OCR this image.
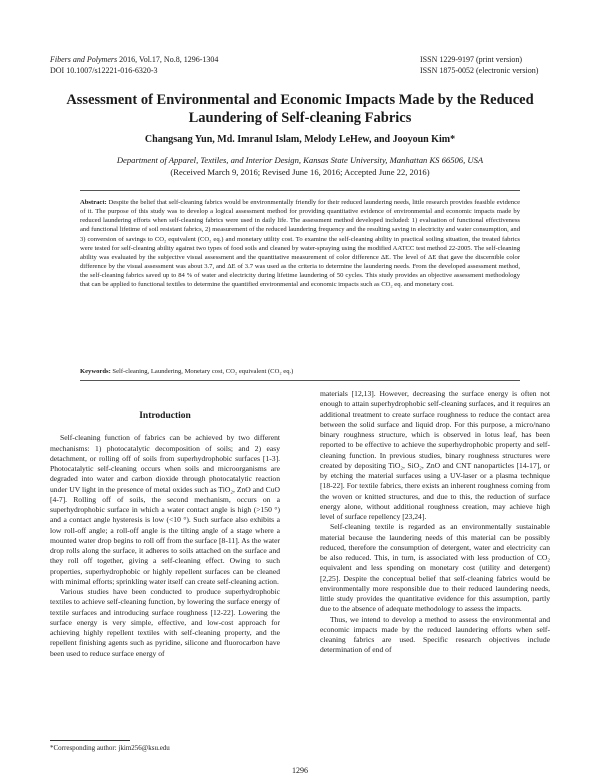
Fibers and Polymers 2016, Vol.17, No.8, 1296-1304
DOI 10.1007/s12221-016-6320-3
ISSN 1229-9197 (print version)
ISSN 1875-0052 (electronic version)
Assessment of Environmental and Economic Impacts Made by the Reduced Laundering of Self-cleaning Fabrics
Changsang Yun, Md. Imranul Islam, Melody LeHew, and Jooyoun Kim*
Department of Apparel, Textiles, and Interior Design, Kansas State University, Manhattan KS 66506, USA
(Received March 9, 2016; Revised June 16, 2016; Accepted June 22, 2016)
Abstract: Despite the belief that self-cleaning fabrics would be environmentally friendly for their reduced laundering needs, little research provides feasible evidence of it. The purpose of this study was to develop a logical assessment method for providing quantitative evidence of environmental and economic impacts made by reduced laundering efforts when self-cleaning fabrics were used in daily life. The assessment method developed included: 1) evaluation of functional effectiveness and functional lifetime of soil resistant fabrics, 2) measurement of the reduced laundering frequency and the resulting saving in electricity and water consumption, and 3) conversion of savings to CO₂ equivalent (CO₂ eq.) and monetary utility cost. To examine the self-cleaning ability in practical soiling situation, the treated fabrics were tested for self-cleaning ability against two types of food soils and cleaned by water-spraying using the modified AATCC test method 22-2005. The self-cleaning ability was evaluated by the subjective visual assessment and the quantitative measurement of color difference ΔE. The level of ΔE that gave the discernible color difference by the visual assessment was about 3.7, and ΔE of 3.7 was used as the criteria to determine the laundering needs. From the developed assessment method, the self-cleaning fabrics saved up to 84 % of water and electricity during lifetime laundering of 50 cycles. This study provides an objective assessment methodology that can be applied to functional textiles to determine the quantified environmental and economic impacts such as CO₂ eq. and monetary cost.
Keywords: Self-cleaning, Laundering, Monetary cost, CO₂ equivalent (CO₂ eq.)
Introduction

Self-cleaning function of fabrics can be achieved by two different mechanisms: 1) photocatalytic decomposition of soils; and 2) easy detachment, or rolling off of soils from superhydrophobic surfaces [1-3]. Photocatalytic self-cleaning occurs when soils and microorganisms are degraded into water and carbon dioxide through photocatalytic reaction under UV light in the presence of metal oxides such as TiO₂, ZnO and CuO [4-7]. Rolling off of soils, the second mechanism, occurs on a superhydrophobic surface in which a water contact angle is high (>150 °) and a contact angle hysteresis is low (<10 °). Such surface also exhibits a low roll-off angle; a roll-off angle is the tilting angle of a stage where a mounted water drop begins to roll off from the surface [8-11]. As the water drop rolls along the surface, it adheres to soils attached on the surface and they roll off together, giving a self-cleaning effect. Owing to such properties, superhydrophobic or highly repellent surfaces can be cleaned with minimal efforts; sprinkling water itself can create self-cleaning action.

Various studies have been conducted to produce superhydrophobic textiles to achieve self-cleaning function, by lowering the surface energy of textile surfaces and introducing surface roughness [12-22]. Lowering the surface energy is very simple, effective, and low-cost approach for achieving highly repellent textiles with self-cleaning property, and the repellent finishing agents such as pyridine, silicone and fluorocarbon have been used to reduce surface energy of

materials [12,13]. However, decreasing the surface energy is often not enough to attain superhydrophobic self-cleaning surfaces, and it requires an additional treatment to create surface roughness to reduce the contact area between the solid surface and liquid drop. For this purpose, a micro/nano binary roughness structure, which is observed in lotus leaf, has been reported to be effective to achieve the superhydrophobic property and self-cleaning function. In previous studies, binary roughness structures were created by depositing TiO₂, SiO₂, ZnO and CNT nanoparticles [14-17], or by etching the material surfaces using a UV-laser or a plasma technique [18-22]. For textile fabrics, there exists an inherent roughness coming from the woven or knitted structures, and due to this, the reduction of surface energy alone, without additional roughness creation, may achieve high level of surface repellency [23,24].

Self-cleaning textile is regarded as an environmentally sustainable material because the laundering needs of this material can be possibly reduced, therefore the consumption of detergent, water and electricity can be also reduced. This, in turn, is associated with less production of CO₂ equivalent and less spending on monetary cost (utility and detergent) [2,25]. Despite the conceptual belief that self-cleaning fabrics would be environmentally more responsible due to their reduced laundering needs, little study provides the quantitative evidence for this assumption, partly due to the absence of adequate methodology to assess the impacts.

Thus, we intend to develop a method to assess the environmental and economic impacts made by the reduced laundering efforts when self-cleaning fabrics are used. Specific research objectives include determination of end of

*Corresponding author: jkim256@ksu.edu
1296
